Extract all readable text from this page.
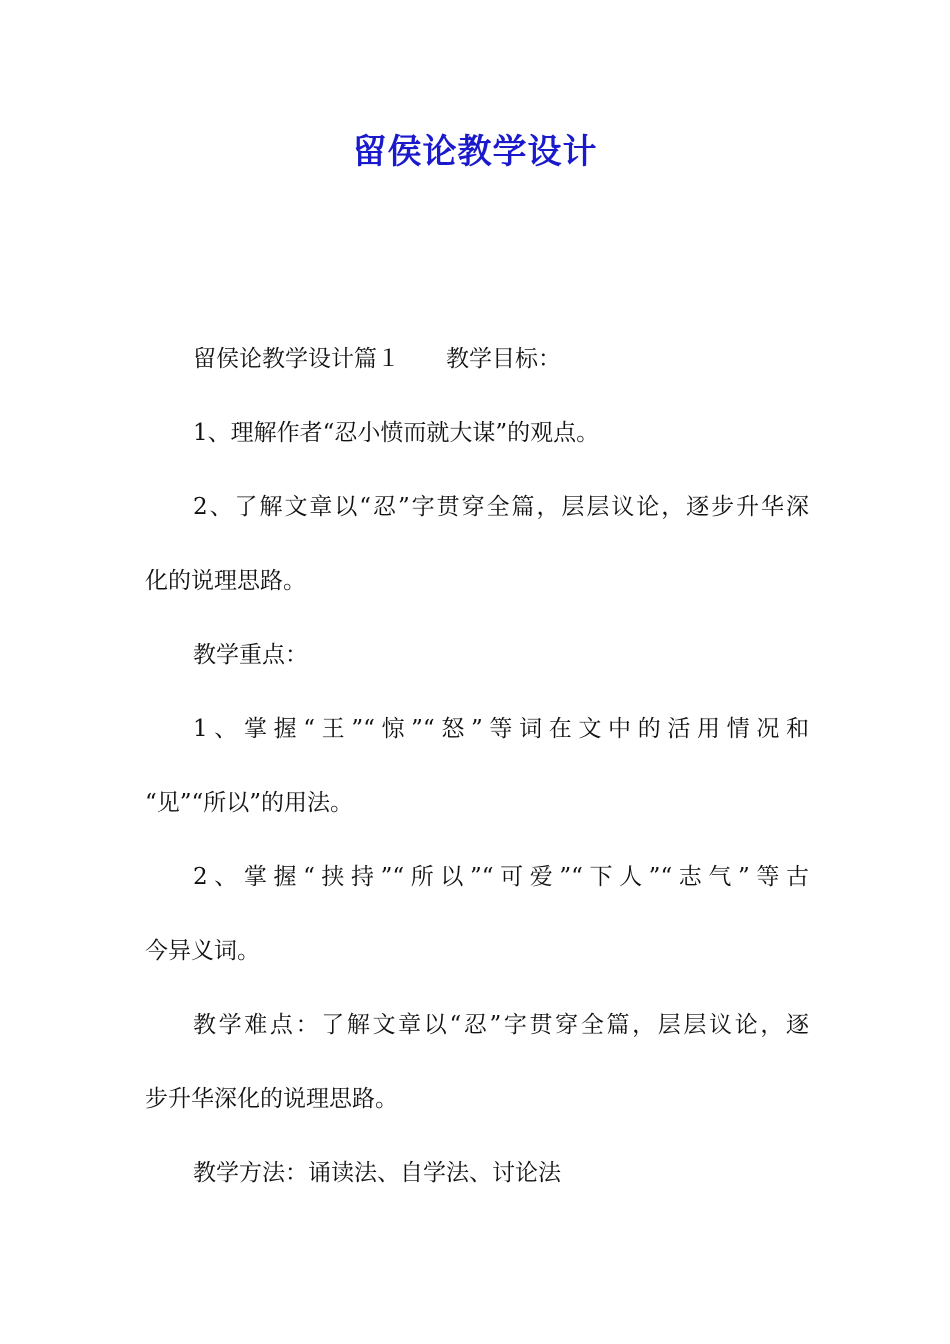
留侯论教学设计

留侯论教学设计篇１ 教学目标：

1、理解作者“忍小愤而就大谋”的观点。

2、了解文章以“忍”字贯穿全篇，层层议论，逐步升华深

化的说理思路。

教学重点：

1、掌握“王”“惊”“怒”等词在文中的活用情况和

“见”“所以”的用法。

2、掌握“挟持”“所以”“可爱”“下人”“志气”等古

今异义词。

教学难点：了解文章以“忍”字贯穿全篇，层层议论，逐

步升华深化的说理思路。

教学方法：诵读法、自学法、讨论法
